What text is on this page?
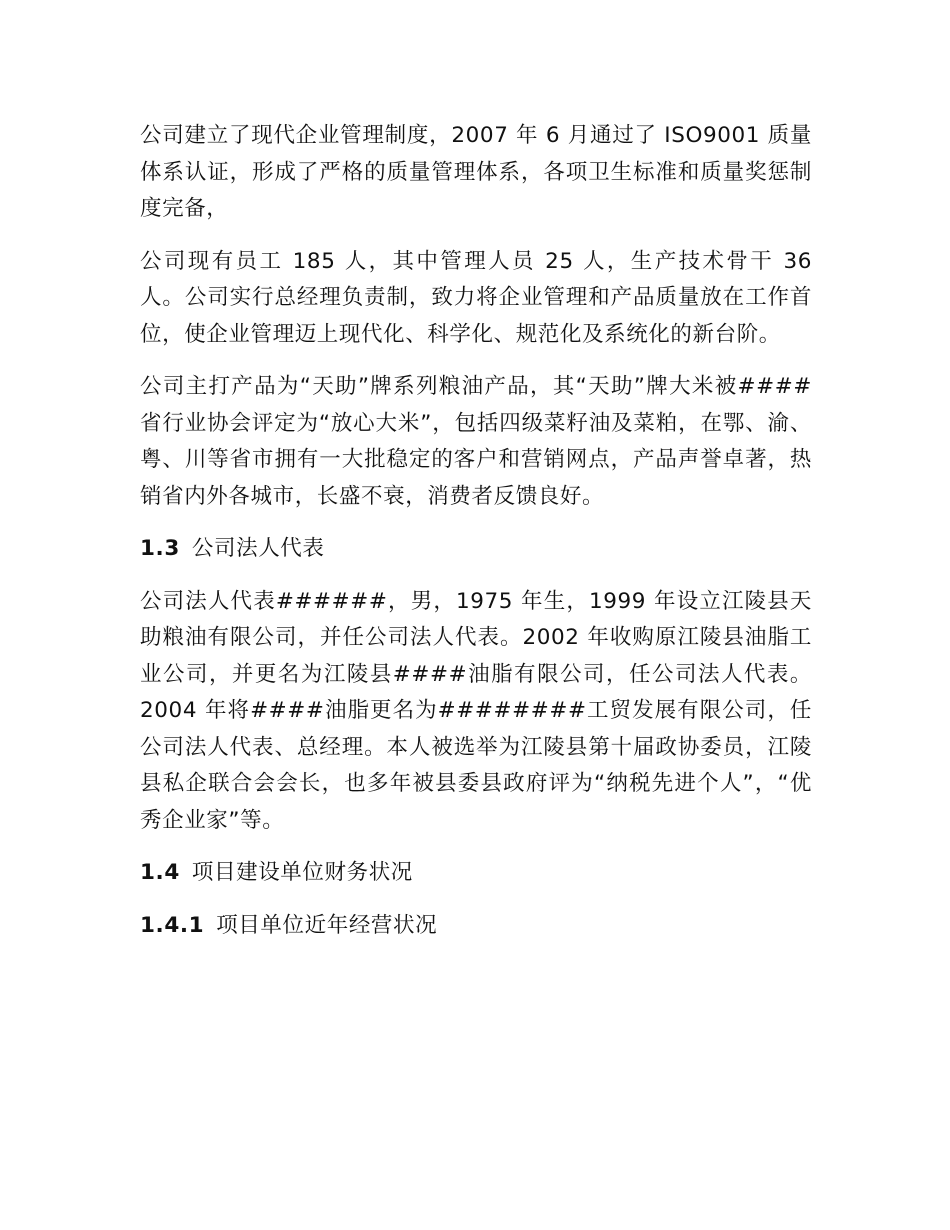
公司建立了现代企业管理制度，2007 年 6 月通过了 ISO9001 质量体系认证，形成了严格的质量管理体系，各项卫生标准和质量奖惩制度完备，

公司现有员工 185 人，其中管理人员 25 人，生产技术骨干 36 人。公司实行总经理负责制，致力将企业管理和产品质量放在工作首位，使企业管理迈上现代化、科学化、规范化及系统化的新台阶。

公司主打产品为“天助”牌系列粮油产品，其“天助”牌大米被####省行业协会评定为“放心大米”，包括四级菜籽油及菜粕，在鄂、渝、粤、川等省市拥有一大批稳定的客户和营销网点，产品声誉卓著，热销省内外各城市，长盛不衰，消费者反馈良好。

1.3 公司法人代表

公司法人代表######，男，1975 年生，1999 年设立江陵县天助粮油有限公司，并任公司法人代表。2002 年收购原江陵县油脂工业公司，并更名为江陵县####油脂有限公司，任公司法人代表。2004 年将####油脂更名为########工贸发展有限公司，任公司法人代表、总经理。本人被选举为江陵县第十届政协委员，江陵县私企联合会会长，也多年被县委县政府评为“纳税先进个人”，“优秀企业家”等。

1.4 项目建设单位财务状况
1.4.1 项目单位近年经营状况
